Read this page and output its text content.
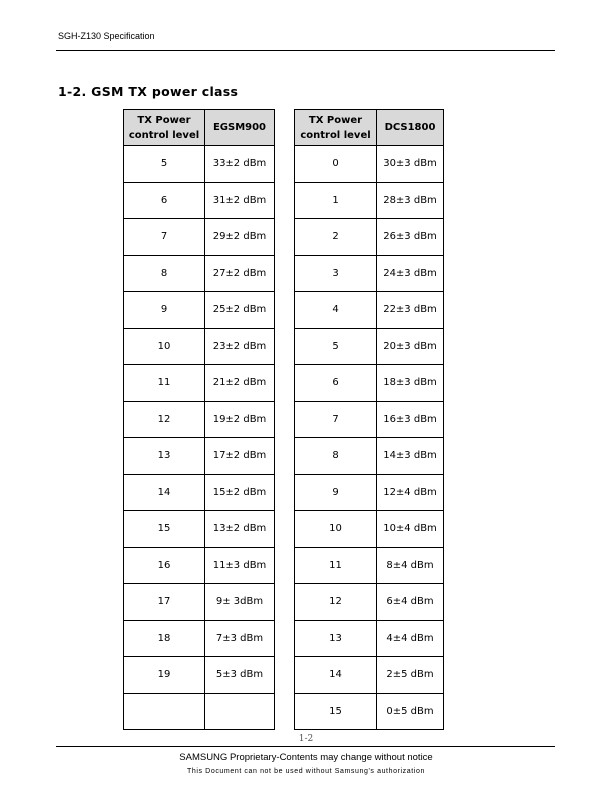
SGH-Z130 Specification
1-2. GSM TX power class
TX Power control level	EGSM900
5	33±2 dBm
6	31±2 dBm
7	29±2 dBm
8	27±2 dBm
9	25±2 dBm
10	23±2 dBm
11	21±2 dBm
12	19±2 dBm
13	17±2 dBm
14	15±2 dBm
15	13±2 dBm
16	11±3 dBm
17	9± 3dBm
18	7±3 dBm
19	5±3 dBm

TX Power control level	DCS1800
0	30±3 dBm
1	28±3 dBm
2	26±3 dBm
3	24±3 dBm
4	22±3 dBm
5	20±3 dBm
6	18±3 dBm
7	16±3 dBm
8	14±3 dBm
9	12±4 dBm
10	10±4 dBm
11	8±4 dBm
12	6±4 dBm
13	4±4 dBm
14	2±5 dBm
15	0±5 dBm
1-2
SAMSUNG Proprietary-Contents may change without notice
This Document can not be used without Samsung's authorization
